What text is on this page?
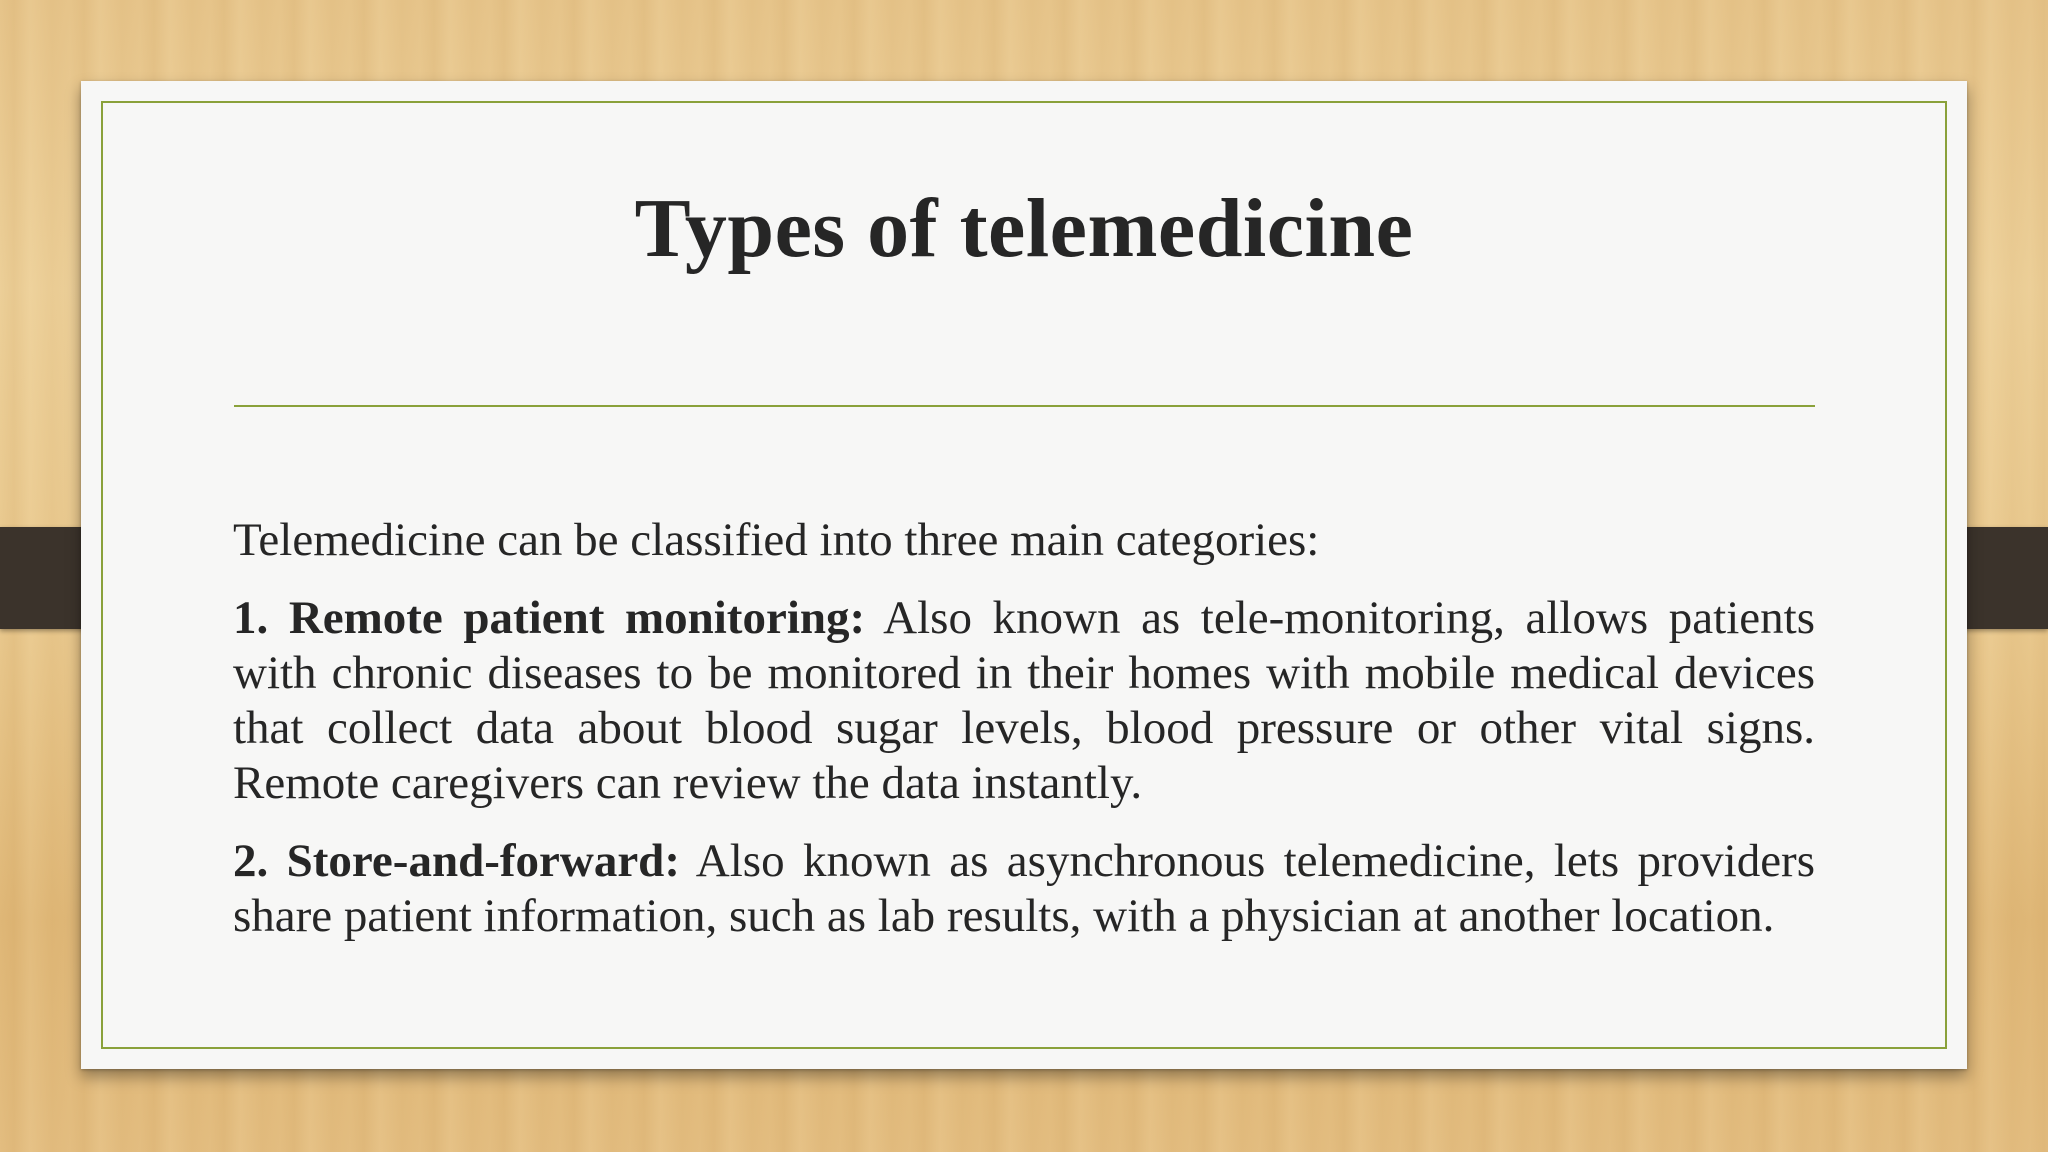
Types of telemedicine

Telemedicine can be classified into three main categories:

1. Remote patient monitoring: Also known as tele-monitoring, allows patients with chronic diseases to be monitored in their homes with mobile medical devices that collect data about blood sugar levels, blood pressure or other vital signs. Remote caregivers can review the data instantly.

2. Store-and-forward: Also known as asynchronous telemedicine, lets providers share patient information, such as lab results, with a physician at another location.
